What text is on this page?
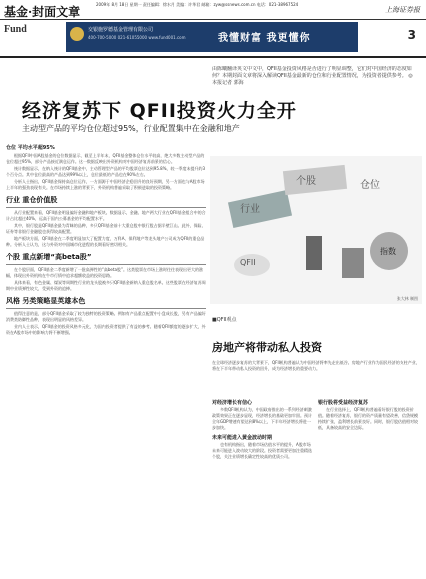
基金·封面文章
2009年 8月 18日 星期一 责任编辑：徐水月 美编：许华君 邮箱：zyw@ssnews.com.cn 电话：021-38967524
上海证券报
Fund	交银施罗德基金管理有限公司
400-700-5000 021-61055000 www.fund001.com	我懂财富 我更懂你	3
经济复苏下 QFII投资火力全开
主动型产品的平均仓位超过95%，行业配置集中在金融和地产
由陈曦翻译英文中文中，QFII基金投资风格是否进行了明显调整，它们对中国经济的态度如何？本期封面文章将深入解读QFII基金最新的仓位和行业配置情况，为投资者提供参考。 ◎本报记者 郭海
行业
个股	仓位
QFII
指数
张大林 制图
仓位 平均水平超95%

根据QFII中国A股基金的仓位数据显示，截至上半年末，QFII基金整体仓位水平较高，绝大多数主动型产品的仓位超过95%，部分产品接近满仓运作。这一数据反映出外资机构对中国经济复苏前景的信心。

统计数据显示，在纳入统计的QFII基金中，主动管理型产品的平均股票仓位达到95.8%，较一季度末提升约3个百分点。其中仓位最高的产品达到99%以上，仓位最低的产品也在90%左右。

分析人士指出，QFII基金保持高仓位运作，一方面源于中国经济企稳回升的良好预期，另一方面也与A股市场上半年的强劲表现有关。在市场持续上涨的背景下，外资机构普遍采取了积极进取的投资策略。

行业 重仓价值股

从行业配置来看，QFII基金明显偏好金融和地产板块。数据显示，金融、地产两大行业在QFII基金组合中的合计占比超过40%，远高于国内公募基金的平均配置水平。

其中，银行股是QFII基金最为青睐的品种，多只QFII基金前十大重仓股中银行股占据半壁江山。此外，保险、证券等非银行金融股也获得较高配置。

地产板块方面，QFII基金在二季度明显加大了配置力度，万科A、保利地产等龙头地产公司成为QFII的重仓品种。分析人士认为，这与外资对中国城市化进程的长期看好密切相关。

个股 重点新增“高beta股”

在个股层面，QFII基金二季度新增了一批高弹性的“高beta股”。这类股票在市场上涨时往往表现出更大的涨幅，体现出外资机构在牛市行情中追求超额收益的投资思路。

具体来看，有色金属、煤炭等周期性行业的龙头股被多只QFII基金新纳入重仓股名单。这些股票在经济复苏周期中业绩弹性较大，受到外资的追捧。

风格 另类策略显英雄本色

值得注意的是，部分QFII基金采取了较为独特的投资策略。例如有产品重点配置中小盘成长股，另有产品偏好消费类防御性品种，表现出明显的风格差异。

业内人士表示，QFII基金的投资风格多元化，为国内投资者提供了有益的参考。随着QFII额度的逐步扩大，外资在A股市场中的影响力将不断增强。

■QFII观点
房地产将带动私人投资
在全球经济逐步复苏的大背景下，QFII机构普遍认为中国经济将率先走出低谷。房地产行业作为国民经济的支柱产业，将在下半年带动私人投资的回升，成为经济增长的重要动力。
对经济增长有信心

多数QFII机构认为，中国政府推出的一系列经济刺激政策效果正在逐步显现，经济增长的基础更加牢固。预计全年GDP增速有望达到8%以上，下半年经济增长将进一步加快。

未来可能进入黄金波动时期

也有机构指出，随着市场估值水平的提升，A股市场未来可能进入波动较大的阶段。投资者需要更加注重精选个股，关注业绩增长确定性较高的优质公司。

银行股将受益经济复苏

在行业选择上，QFII机构普遍看好银行股的投资价值。随着经济复苏，银行的资产质量有望改善，信贷规模持续扩张，盈利增长前景良好。同时，银行股估值相对较低，具备较高的安全边际。
